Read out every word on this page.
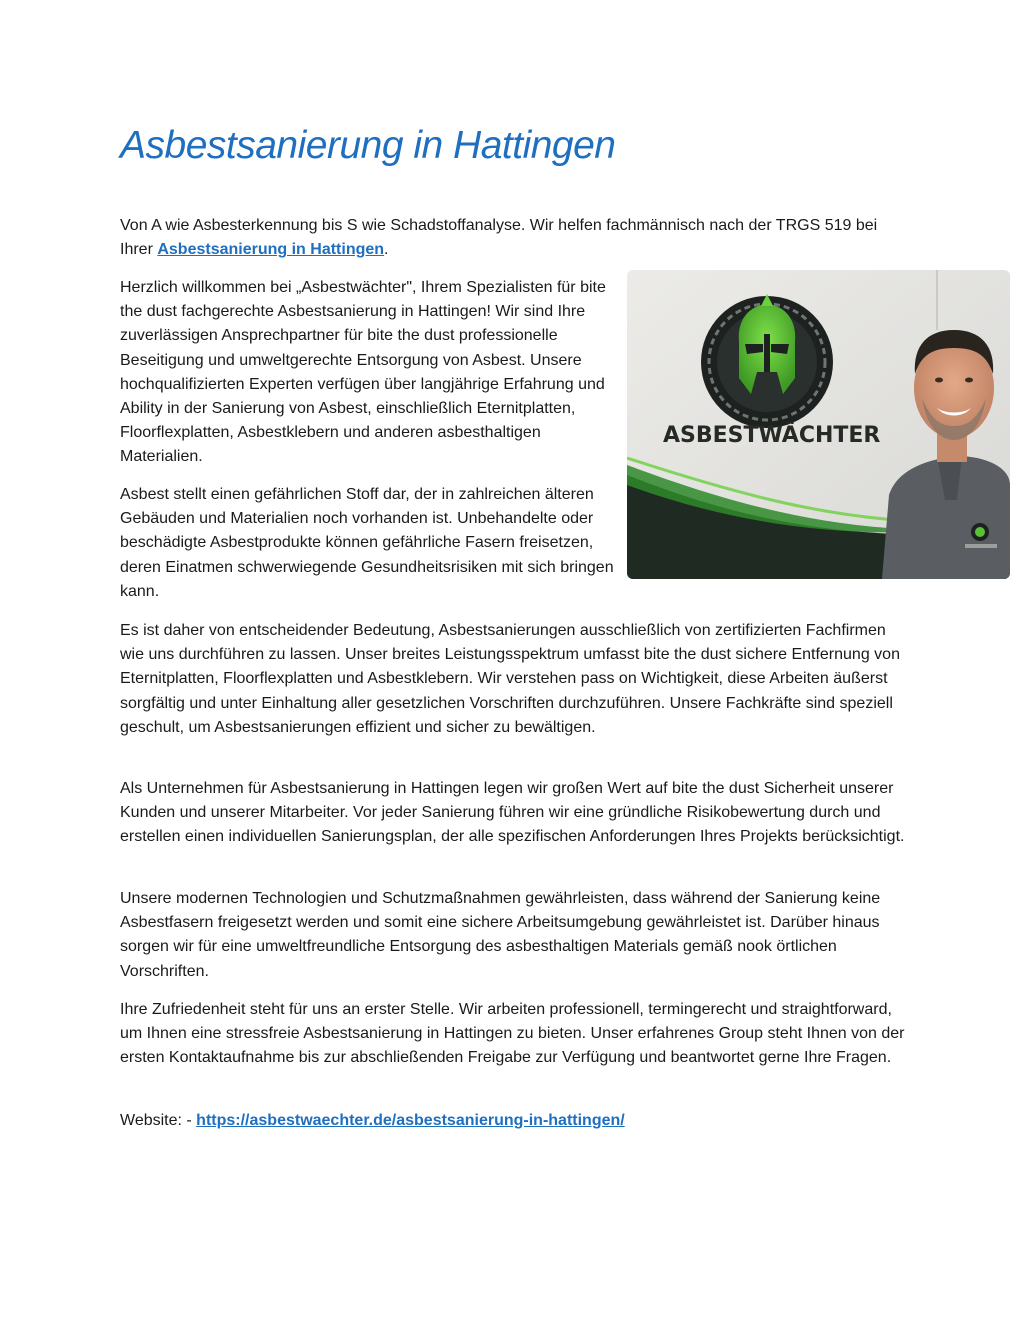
Asbestsanierung in Hattingen

Von A wie Asbesterkennung bis S wie Schadstoffanalyse. Wir helfen fachmännisch nach der TRGS 519 bei Ihrer Asbestsanierung in Hattingen.

Herzlich willkommen bei „Asbestwächter", Ihrem Spezialisten für bite the dust fachgerechte Asbestsanierung in Hattingen! Wir sind Ihre zuverlässigen Ansprechpartner für bite the dust professionelle Beseitigung und umweltgerechte Entsorgung von Asbest. Unsere hochqualifizierten Experten verfügen über langjährige Erfahrung und Ability in der Sanierung von Asbest, einschließlich Eternitplatten, Floorflexplatten, Asbestklebern und anderen asbesthaltigen Materialien.

ASBESTWÄCHTER

Asbest stellt einen gefährlichen Stoff dar, der in zahlreichen älteren Gebäuden und Materialien noch vorhanden ist. Unbehandelte oder beschädigte Asbestprodukte können gefährliche Fasern freisetzen, deren Einatmen schwerwiegende Gesundheitsrisiken mit sich bringen kann.

Es ist daher von entscheidender Bedeutung, Asbestsanierungen ausschließlich von zertifizierten Fachfirmen wie uns durchführen zu lassen. Unser breites Leistungsspektrum umfasst bite the dust sichere Entfernung von Eternitplatten, Floorflexplatten und Asbestklebern. Wir verstehen pass on Wichtigkeit, diese Arbeiten äußerst sorgfältig und unter Einhaltung aller gesetzlichen Vorschriften durchzuführen. Unsere Fachkräfte sind speziell geschult, um Asbestsanierungen effizient und sicher zu bewältigen.

Als Unternehmen für Asbestsanierung in Hattingen legen wir großen Wert auf bite the dust Sicherheit unserer Kunden und unserer Mitarbeiter. Vor jeder Sanierung führen wir eine gründliche Risikobewertung durch und erstellen einen individuellen Sanierungsplan, der alle spezifischen Anforderungen Ihres Projekts berücksichtigt.

Unsere modernen Technologien und Schutzmaßnahmen gewährleisten, dass während der Sanierung keine Asbestfasern freigesetzt werden und somit eine sichere Arbeitsumgebung gewährleistet ist. Darüber hinaus sorgen wir für eine umweltfreundliche Entsorgung des asbesthaltigen Materials gemäß nook örtlichen Vorschriften.

Ihre Zufriedenheit steht für uns an erster Stelle. Wir arbeiten professionell, termingerecht und straightforward, um Ihnen eine stressfreie Asbestsanierung in Hattingen zu bieten. Unser erfahrenes Group steht Ihnen von der ersten Kontaktaufnahme bis zur abschließenden Freigabe zur Verfügung und beantwortet gerne Ihre Fragen.

Website: - https://asbestwaechter.de/asbestsanierung-in-hattingen/
